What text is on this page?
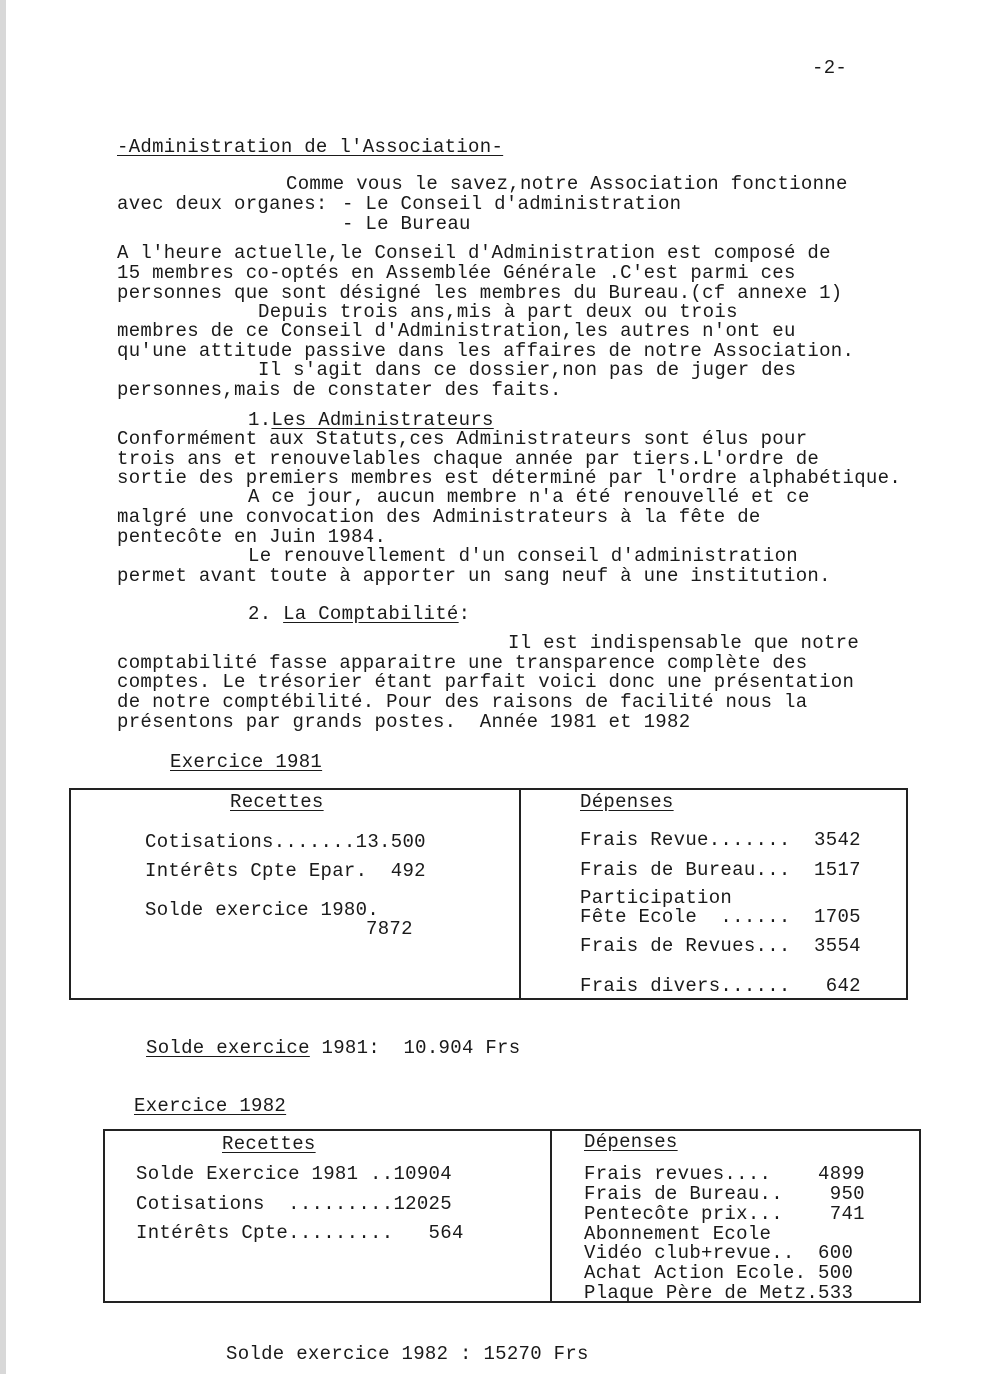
-2-
-Administration de l'Association-
Comme vous le savez,notre Association fonctionne
avec deux organes: - Le Conseil d'administration
- Le Bureau
A l'heure actuelle,le Conseil d'Administration est composé de
15 membres co-optés en Assemblée Générale .C'est parmi ces
personnes que sont désigné les membres du Bureau.(cf annexe 1)
Depuis trois ans,mis à part deux ou trois
membres de ce Conseil d'Administration,les autres n'ont eu
qu'une attitude passive dans les affaires de notre Association.
Il s'agit dans ce dossier,non pas de juger des
personnes,mais de constater des faits.
1.Les Administrateurs
Conformément aux Statuts,ces Administrateurs sont élus pour
trois ans et renouvelables chaque année par tiers.L'ordre de
sortie des premiers membres est déterminé par l'ordre alphabétique.
A ce jour, aucun membre n'a été renouvellé et ce
malgré une convocation des Administrateurs à la fête de
pentecôte en Juin 1984.
Le renouvellement d'un conseil d'administration
permet avant toute à apporter un sang neuf à une institution.
2. La Comptabilité:
Il est indispensable que notre
comptabilité fasse apparaitre une transparence complète des
comptes. Le trésorier étant parfait voici donc une présentation
de notre comptébilité. Pour des raisons de facilité nous la
présentons par grands postes.  Année 1981 et 1982
Exercice 1981
Recettes	Dépenses
Cotisations.......13.500
Intérêts Cpte Epar.  492
Solde exercice 1980.
7872
Frais Revue.......  3542
Frais de Bureau...  1517
Participation
Fête Ecole  ......  1705
Frais de Revues...  3554
Frais divers......   642
Solde exercice 1981:  10.904 Frs
Exercice 1982
Recettes	Dépenses
Solde Exercice 1981 ..10904
Cotisations  .........12025
Intérêts Cpte.........   564
Frais revues....    4899
Frais de Bureau..    950
Pentecôte prix...    741
Abonnement Ecole
Vidéo club+revue..  600
Achat Action Ecole. 500
Plaque Père de Metz.533
Solde exercice 1982 : 15270 Frs
